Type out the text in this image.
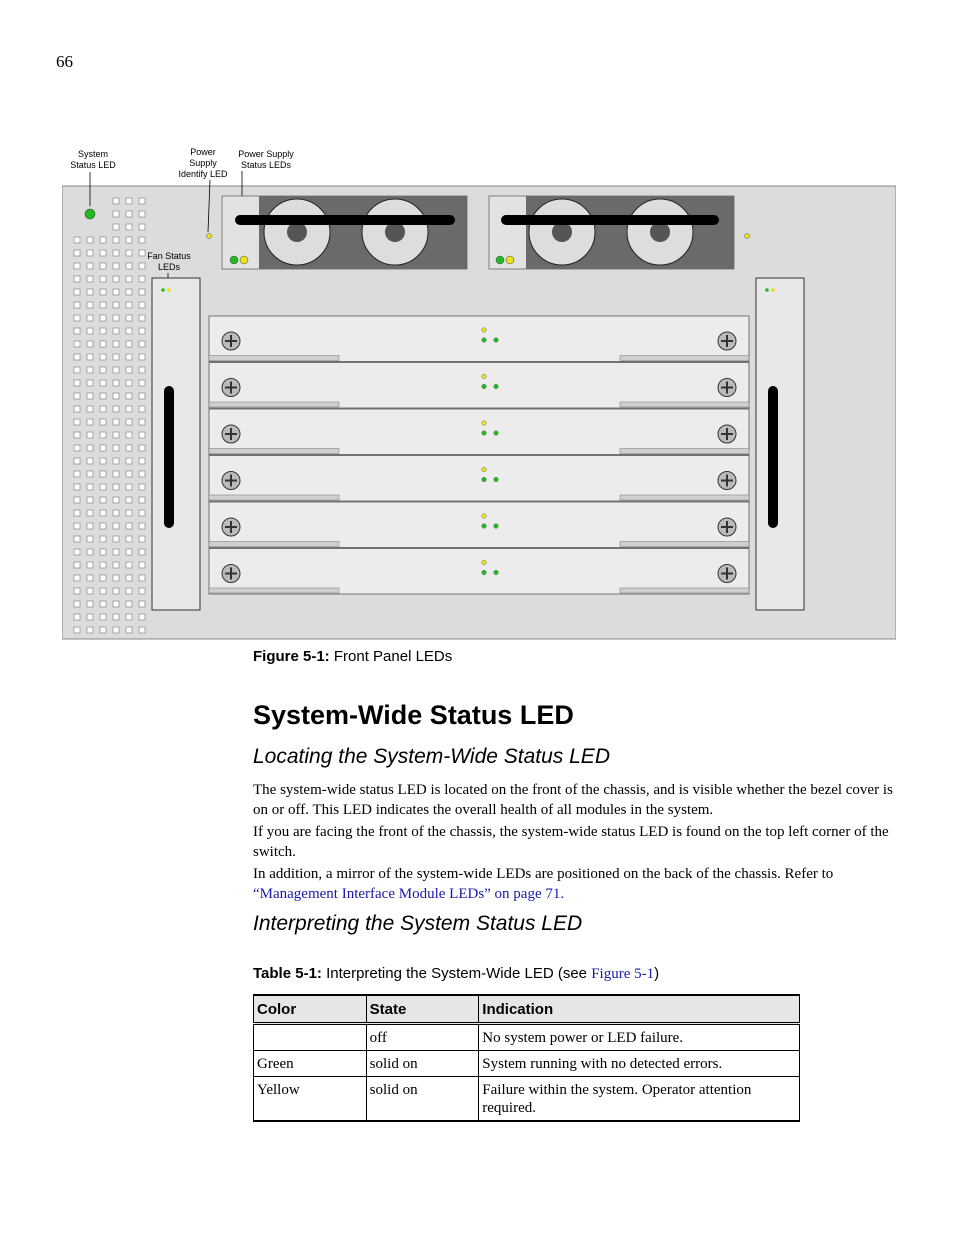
66
System
Status LED
Power
Supply
Identify LED
Power Supply
Status LEDs
Fan Status
LEDs
Figure 5-1: Front Panel LEDs
System-Wide Status LED
Locating the System-Wide Status LED

The system-wide status LED is located on the front of the chassis, and is visible whether the bezel cover is on or off. This LED indicates the overall health of all modules in the system.

If you are facing the front of the chassis, the system-wide status LED is found on the top left corner of the switch.

In addition, a mirror of the system-wide LEDs are positioned on the back of the chassis. Refer to “Management Interface Module LEDs” on page 71.

Interpreting the System Status LED
Table 5-1: Interpreting the System-Wide LED (see Figure 5-1)
Color	State	Indication
	off	No system power or LED failure.
Green	solid on	System running with no detected errors.
Yellow	solid on	Failure within the system. Operator attention required.
